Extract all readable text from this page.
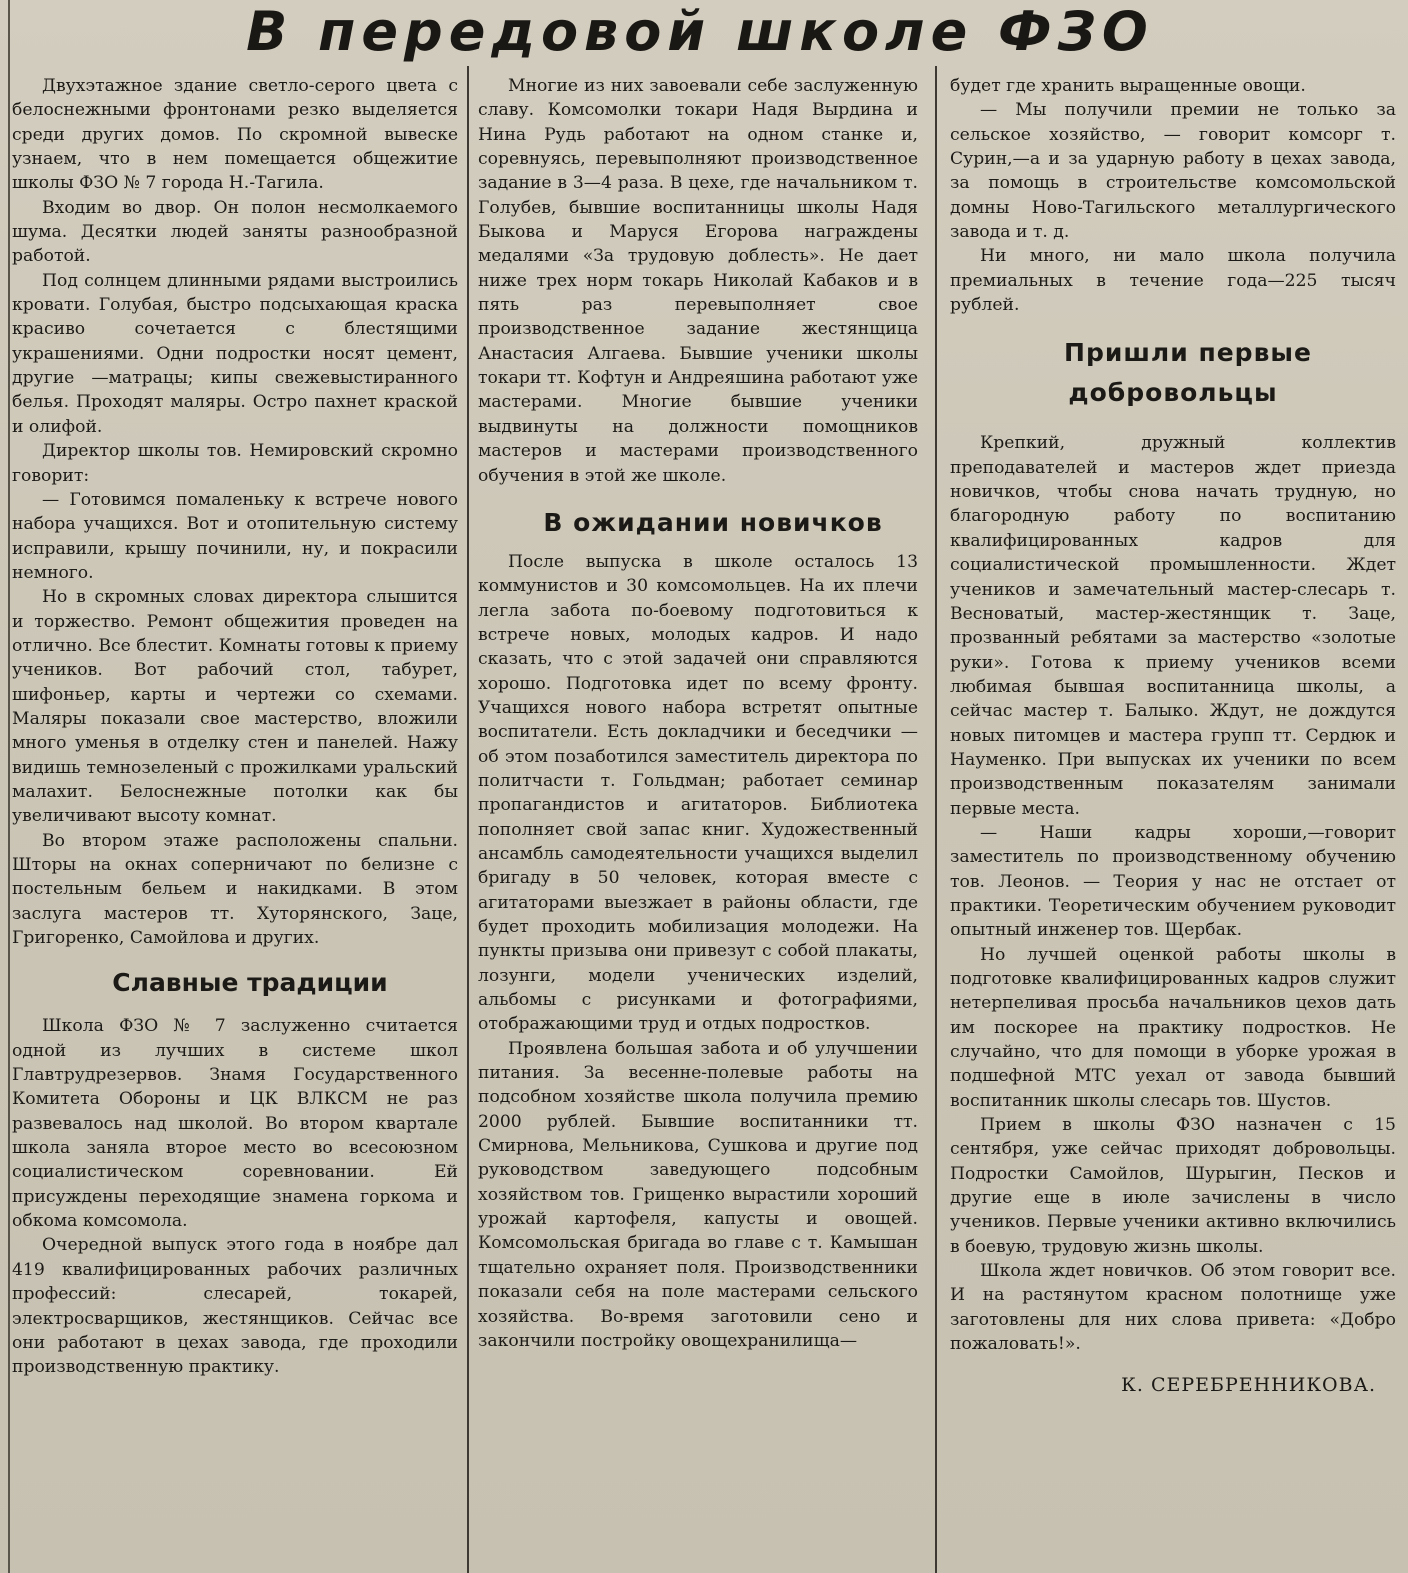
В передовой школе ФЗО

Двухэтажное здание светло-серого цвета с белоснежными фронтонами резко выделяется среди других домов. По скромной вывеске узнаем, что в нем помещается общежитие школы ФЗО № 7 города Н.-Тагила.

Входим во двор. Он полон несмолкаемого шума. Десятки людей заняты разнообразной работой.

Под солнцем длинными рядами выстроились кровати. Голубая, быстро подсыхающая краска красиво сочетается с блестящими украшениями. Одни подростки носят цемент, другие —матрацы; кипы свежевыстиранного белья. Проходят маляры. Остро пахнет краской и олифой.

Директор школы тов. Немировский скромно говорит:

— Готовимся помаленьку к встрече нового набора учащихся. Вот и отопительную систему исправили, крышу починили, ну, и покрасили немного.

Но в скромных словах директора слышится и торжество. Ремонт общежития проведен на отлично. Все блестит. Комнаты готовы к приему учеников. Вот рабочий стол, табурет, шифоньер, карты и чертежи со схемами. Маляры показали свое мастерство, вложили много уменья в отделку стен и панелей. Нажу видишь темнозеленый с прожилками уральский малахит. Белоснежные потолки как бы увеличивают высоту комнат.

Во втором этаже расположены спальни. Шторы на окнах соперничают по белизне с постельным бельем и накидками. В этом заслуга мастеров тт. Хуторянского, Заце, Григоренко, Самойлова и других.

Славные традиции

Школа ФЗО № 7 заслуженно считается одной из лучших в системе школ Главтрудрезервов. Знамя Государственного Комитета Обороны и ЦК ВЛКСМ не раз развевалось над школой. Во втором квартале школа заняла второе место во всесоюзном социалистическом соревновании. Ей присуждены переходящие знамена горкома и обкома комсомола.

Очередной выпуск этого года в ноябре дал 419 квалифицированных рабочих различных профессий: слесарей, токарей, электросварщиков, жестянщиков. Сейчас все они работают в цехах завода, где проходили производственную практику.

Многие из них завоевали себе заслуженную славу. Комсомолки токари Надя Вырдина и Нина Рудь работают на одном станке и, соревнуясь, перевыполняют производственное задание в 3—4 раза. В цехе, где начальником т. Голубев, бывшие воспитанницы школы Надя Быкова и Маруся Егорова награждены медалями «За трудовую доблесть». Не дает ниже трех норм токарь Николай Кабаков и в пять раз перевыполняет свое производственное задание жестянщица Анастасия Алгаева. Бывшие ученики школы токари тт. Кофтун и Андреяшина работают уже мастерами. Многие бывшие ученики выдвинуты на должности помощников мастеров и мастерами производственного обучения в этой же школе.

В ожидании новичков

После выпуска в школе осталось 13 коммунистов и 30 комсомольцев. На их плечи легла забота по-боевому подготовиться к встрече новых, молодых кадров. И надо сказать, что с этой задачей они справляются хорошо. Подготовка идет по всему фронту. Учащихся нового набора встретят опытные воспитатели. Есть докладчики и беседчики — об этом позаботился заместитель директора по политчасти т. Гольдман; работает семинар пропагандистов и агитаторов. Библиотека пополняет свой запас книг. Художественный ансамбль самодеятельности учащихся выделил бригаду в 50 человек, которая вместе с агитаторами выезжает в районы области, где будет проходить мобилизация молодежи. На пункты призыва они привезут с собой плакаты, лозунги, модели ученических изделий, альбомы с рисунками и фотографиями, отображающими труд и отдых подростков.

Проявлена большая забота и об улучшении питания. За весенне-полевые работы на подсобном хозяйстве школа получила премию 2000 рублей. Бывшие воспитанники тт. Смирнова, Мельникова, Сушкова и другие под руководством заведующего подсобным хозяйством тов. Грищенко вырастили хороший урожай картофеля, капусты и овощей. Комсомольская бригада во главе с т. Камышан тщательно охраняет поля. Производственники показали себя на поле мастерами сельского хозяйства. Во-время заготовили сено и закончили постройку овощехранилища—

будет где хранить выращенные овощи.

— Мы получили премии не только за сельское хозяйство, — говорит комсорг т. Сурин,—а и за ударную работу в цехах завода, за помощь в строительстве комсомольской домны Ново-Тагильского металлургического завода и т. д.

Ни много, ни мало школа получила премиальных в течение года—225 тысяч рублей.

Пришли первые добровольцы

Крепкий, дружный коллектив преподавателей и мастеров ждет приезда новичков, чтобы снова начать трудную, но благородную работу по воспитанию квалифицированных кадров для социалистической промышленности. Ждет учеников и замечательный мастер-слесарь т. Весноватый, мастер-жестянщик т. Заце, прозванный ребятами за мастерство «золотые руки». Готова к приему учеников всеми любимая бывшая воспитанница школы, а сейчас мастер т. Балыко. Ждут, не дождутся новых питомцев и мастера групп тт. Сердюк и Науменко. При выпусках их ученики по всем производственным показателям занимали первые места.

— Наши кадры хороши,—говорит заместитель по производственному обучению тов. Леонов. — Теория у нас не отстает от практики. Теоретическим обучением руководит опытный инженер тов. Щербак.

Но лучшей оценкой работы школы в подготовке квалифицированных кадров служит нетерпеливая просьба начальников цехов дать им поскорее на практику подростков. Не случайно, что для помощи в уборке урожая в подшефной МТС уехал от завода бывший воспитанник школы слесарь тов. Шустов.

Прием в школы ФЗО назначен с 15 сентября, уже сейчас приходят добровольцы. Подростки Самойлов, Шурыгин, Песков и другие еще в июле зачислены в число учеников. Первые ученики активно включились в боевую, трудовую жизнь школы.

Школа ждет новичков. Об этом говорит все. И на растянутом красном полотнище уже заготовлены для них слова привета: «Добро пожаловать!».

К. СЕРЕБРЕННИКОВА.
